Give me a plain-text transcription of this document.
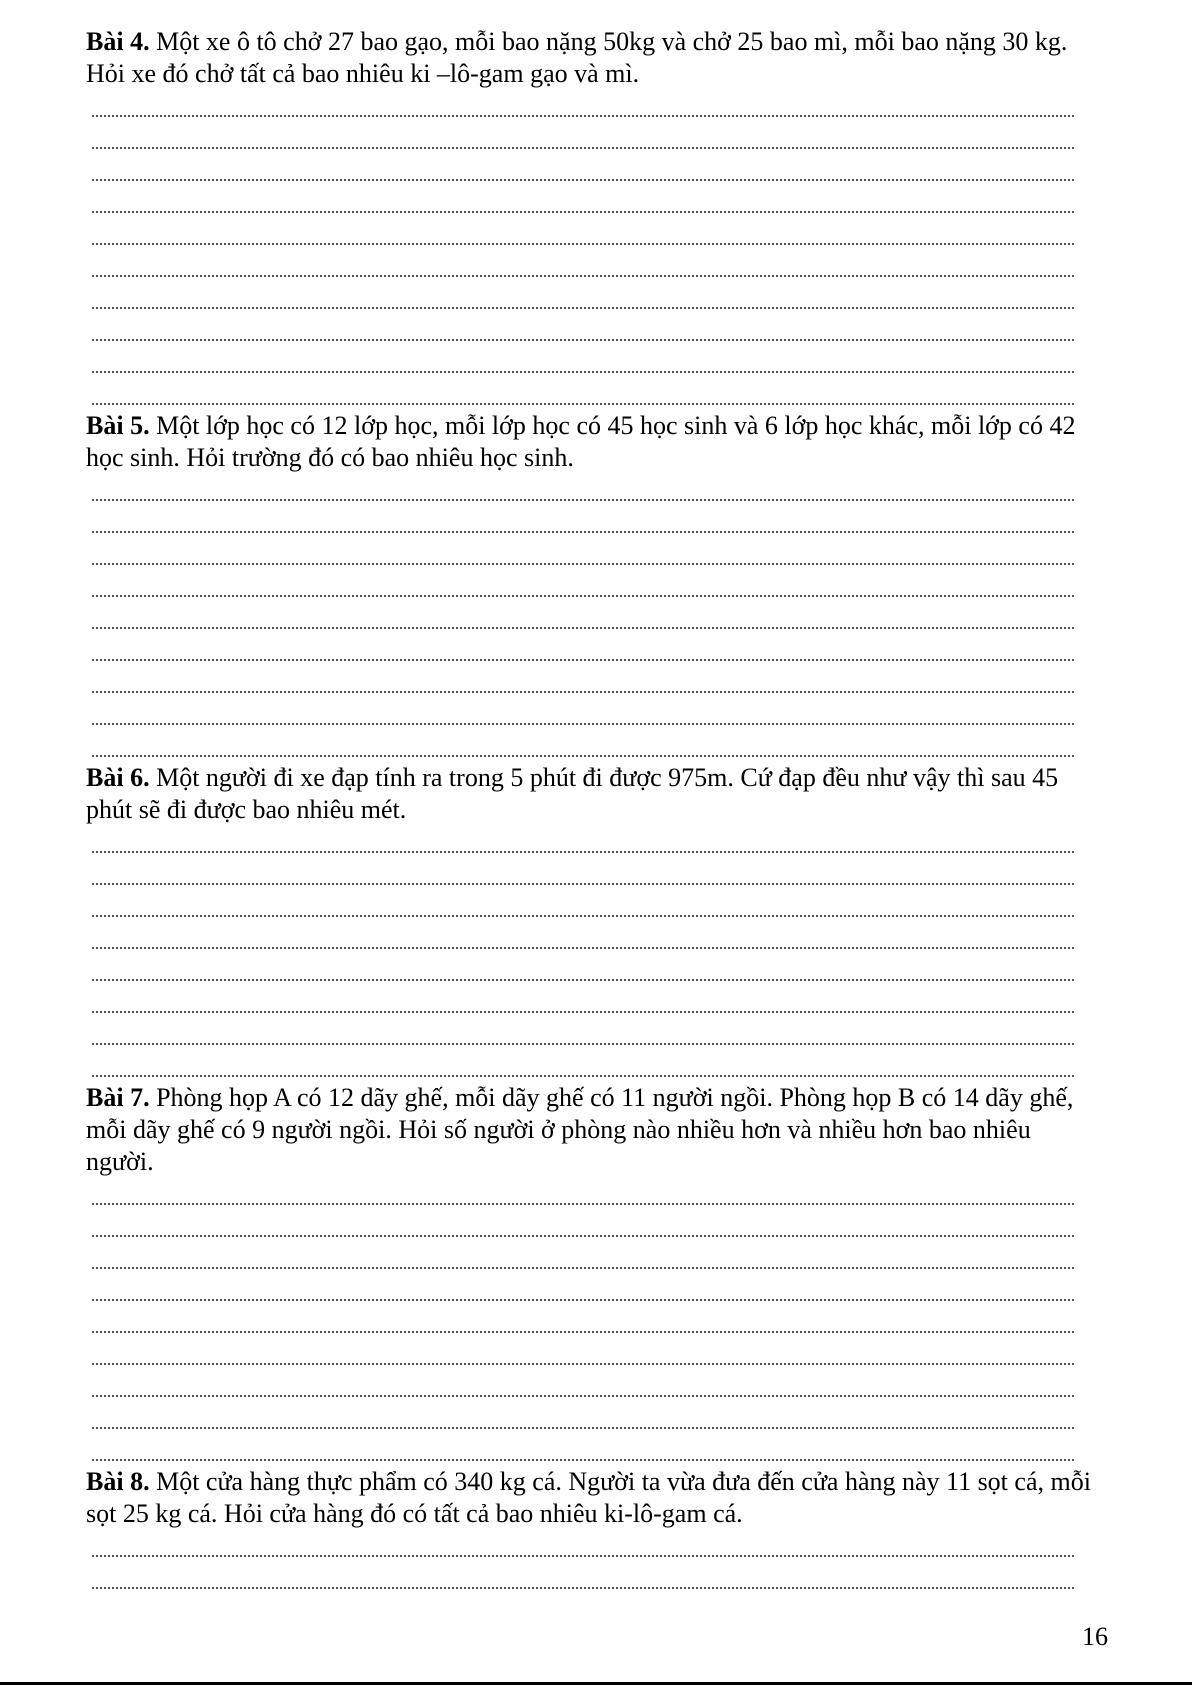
Bài 4. Một xe ô tô chở 27 bao gạo, mỗi bao nặng 50kg và chở 25 bao mì, mỗi bao nặng 30 kg. Hỏi xe đó chở tất cả bao nhiêu ki –lô-gam gạo và mì.

Bài 5. Một lớp học có 12 lớp học, mỗi lớp học có 45 học sinh và 6 lớp học khác, mỗi lớp có 42 học sinh. Hỏi trường đó có bao nhiêu học sinh.

Bài 6. Một người đi xe đạp tính ra trong 5 phút đi được 975m. Cứ đạp đều như vậy thì sau 45 phút sẽ đi được bao nhiêu mét.

Bài 7. Phòng họp A có 12 dãy ghế, mỗi dãy ghế có 11 người ngồi. Phòng họp B có 14 dãy ghế, mỗi dãy ghế có 9 người ngồi. Hỏi số người ở phòng nào nhiều hơn và nhiều hơn bao nhiêu người.

Bài 8. Một cửa hàng thực phẩm có 340 kg cá. Người ta vừa đưa đến cửa hàng này 11 sọt cá, mỗi sọt 25 kg cá. Hỏi cửa hàng đó có tất cả bao nhiêu ki-lô-gam cá.

16
